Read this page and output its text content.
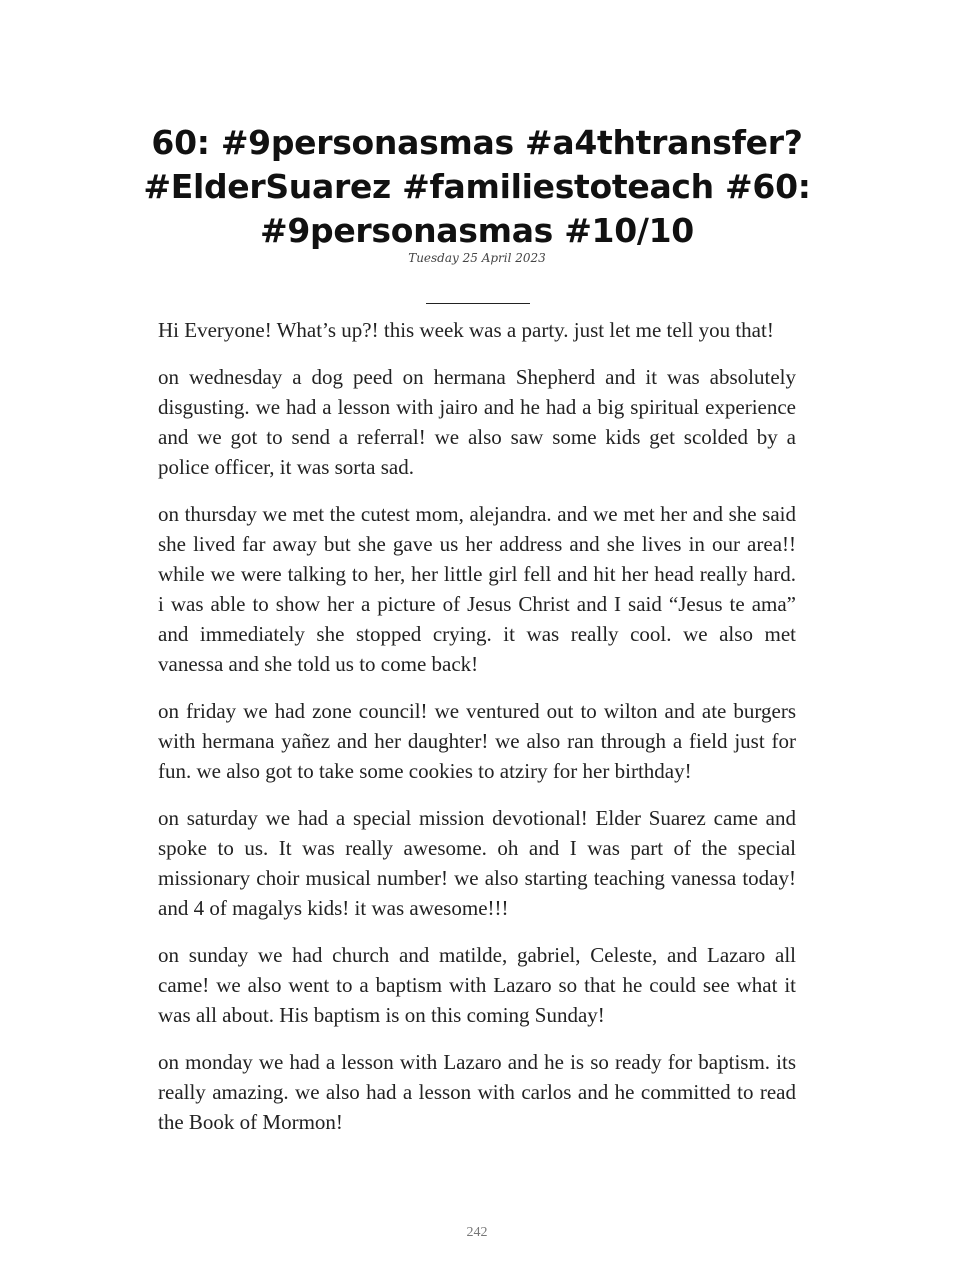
60: #9personasmas #a4thtransfer? #ElderSuarez #familiestoteach #60: #9personasmas #10/10
Tuesday 25 April 2023

Hi Everyone! What’s up?! this week was a party. just let me tell you that!

on wednesday a dog peed on hermana Shepherd and it was absolutely disgusting. we had a lesson with jairo and he had a big spiritual experience and we got to send a referral! we also saw some kids get scolded by a police officer, it was sorta sad.

on thursday we met the cutest mom, alejandra. and we met her and she said she lived far away but she gave us her address and she lives in our area!! while we were talking to her, her little girl fell and hit her head really hard. i was able to show her a picture of Jesus Christ and I said “Jesus te ama” and immediately she stopped crying. it was really cool. we also met vanessa and she told us to come back!

on friday we had zone council! we ventured out to wilton and ate burgers with hermana yañez and her daughter! we also ran through a field just for fun. we also got to take some cookies to atziry for her birthday!

on saturday we had a special mission devotional! Elder Suarez came and spoke to us. It was really awesome. oh and I was part of the special missionary choir musical number! we also starting teaching vanessa today! and 4 of magalys kids! it was awesome!!!

on sunday we had church and matilde, gabriel, Celeste, and Lazaro all came! we also went to a baptism with Lazaro so that he could see what it was all about. His baptism is on this coming Sunday!

on monday we had a lesson with Lazaro and he is so ready for baptism. its really amazing. we also had a lesson with carlos and he committed to read the Book of Mormon!

242
